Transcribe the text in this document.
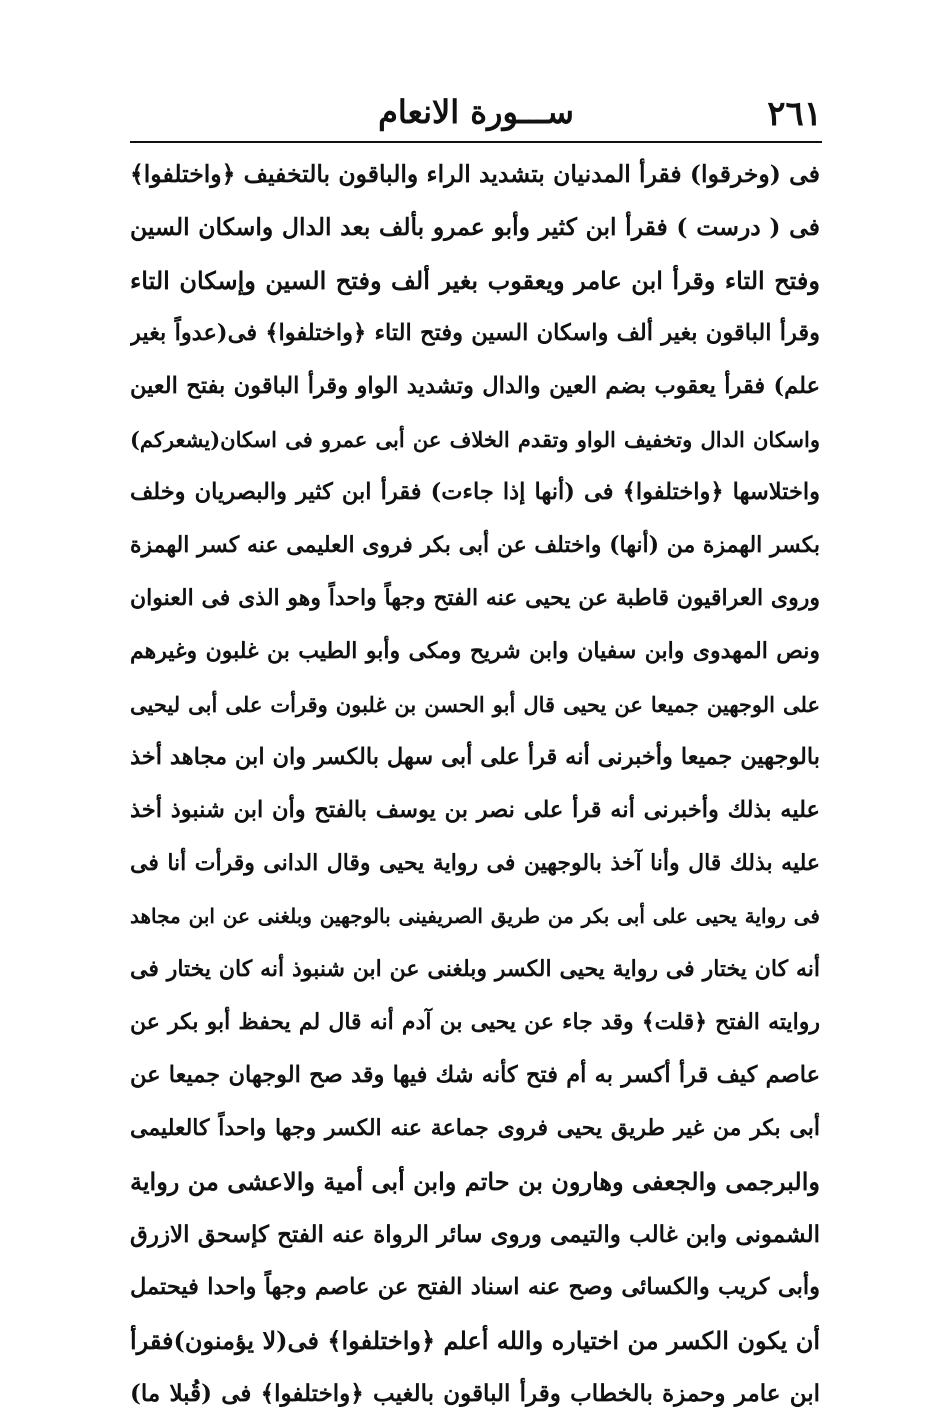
٢٦١
ســـورة الانعام
فى (وخرقوا) فقرأ المدنيان بتشديد الراء والباقون بالتخفيف ﴿واختلفوا﴾
فى ( درست ) فقرأ ابن كثير وأبو عمرو بألف بعد الدال واسكان السين
وفتح التاء وقرأ ابن عامر ويعقوب بغير ألف وفتح السين وإسكان التاء
وقرأ الباقون بغير ألف واسكان السين وفتح التاء ﴿واختلفوا﴾ فى(عدواً بغير
علم) فقرأ يعقوب بضم العين والدال وتشديد الواو وقرأ الباقون بفتح العين
واسكان الدال وتخفيف الواو وتقدم الخلاف عن أبى عمرو فى اسكان(يشعركم)
واختلاسها ﴿واختلفوا﴾ فى (أنها إذا جاءت) فقرأ ابن كثير والبصريان وخلف
بكسر الهمزة من (أنها) واختلف عن أبى بكر فروى العليمى عنه كسر الهمزة
وروى العراقيون قاطبة عن يحيى عنه الفتح وجهاً واحداً وهو الذى فى العنوان
ونص المهدوى وابن سفيان وابن شريح ومكى وأبو الطيب بن غلبون وغيرهم
على الوجهين جميعا عن يحيى قال أبو الحسن بن غلبون وقرأت على أبى ليحيى
بالوجهين جميعا وأخبرنى أنه قرأ على أبى سهل بالكسر وان ابن مجاهد أخذ
عليه بذلك وأخبرنى أنه قرأ على نصر بن يوسف بالفتح وأن ابن شنبوذ أخذ
عليه بذلك قال وأنا آخذ بالوجهين فى رواية يحيى وقال الدانى وقرأت أنا فى
فى رواية يحيى على أبى بكر من طريق الصريفينى بالوجهين وبلغنى عن ابن مجاهد
أنه كان يختار فى رواية يحيى الكسر وبلغنى عن ابن شنبوذ أنه كان يختار فى
روايته الفتح ﴿قلت﴾ وقد جاء عن يحيى بن آدم أنه قال لم يحفظ أبو بكر عن
عاصم كيف قرأ أكسر به أم فتح كأنه شك فيها وقد صح الوجهان جميعا عن
أبى بكر من غير طريق يحيى فروى جماعة عنه الكسر وجها واحداً كالعليمى
والبرجمى والجعفى وهارون بن حاتم وابن أبى أمية والاعشى من رواية
الشمونى وابن غالب والتيمى وروى سائر الرواة عنه الفتح كإسحق الازرق
وأبى كريب والكسائى وصح عنه اسناد الفتح عن عاصم وجهاً واحدا فيحتمل
أن يكون الكسر من اختياره والله أعلم ﴿واختلفوا﴾ فى(لا يؤمنون)فقرأ
ابن عامر وحمزة بالخطاب وقرأ الباقون بالغيب ﴿واختلفوا﴾ فى (قُبلا ما)
